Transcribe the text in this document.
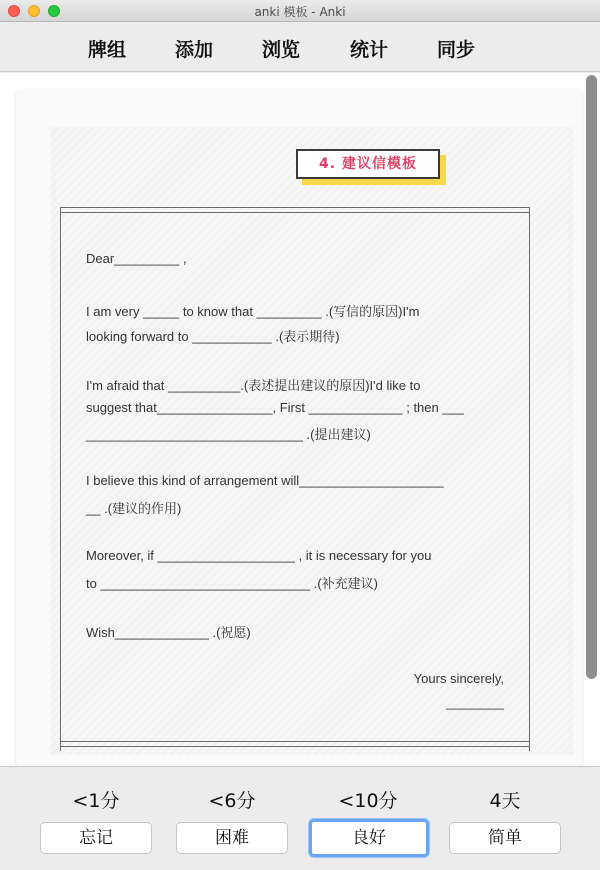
anki 模板 - Anki
牌组	添加	浏览	统计	同步
4. 建议信模板
Dear_________ ,
I am very _____ to know that _________ .(写信的原因)I'm
looking forward to ___________ .(表示期待)
I'm afraid that __________.(表述提出建议的原因)I'd like to
suggest that________________, First _____________ ; then ___
______________________________ .(提出建议)
I believe this kind of arrangement will____________________
__ .(建议的作用)
Moreover, if ___________________ , it is necessary for you
to _____________________________ .(补充建议)
Wish_____________ .(祝愿)
Yours sincerely,
________
<1分	<6分	<10分	4天
忘记	困难	良好	简单
